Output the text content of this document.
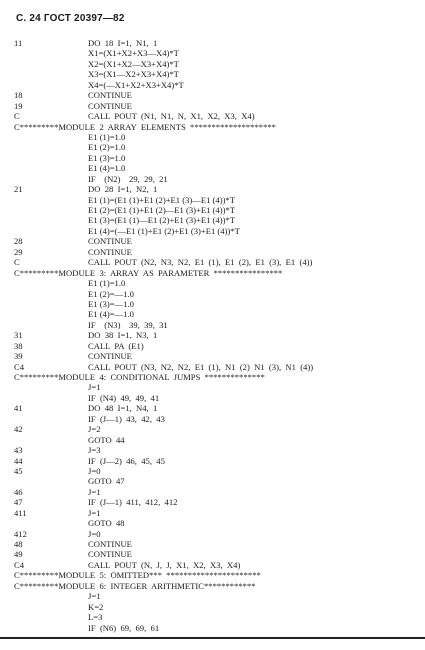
С. 24 ГОСТ 20397—82
11	DO  18  I=1,  N1,  1
X1=(X1+X2+X3—X4)*T
X2=(X1+X2—X3+X4)*T
X3=(X1—X2+X3+X4)*T
X4=(—X1+X2+X3+X4)*T
18	CONTINUE
19	CONTINUE
C	CALL  POUT  (N1,  N1,  N,  X1,  X2,  X3,  X4)
C*********MODULE  2  ARRAY  ELEMENTS  ********************
E1 (1)=1.0
E1 (2)=1.0
E1 (3)=1.0
E1 (4)=1.0
IF    (N2)    29,  29,  21
21	DO  28  I=1,  N2,  1
E1 (1)=(E1 (1)+E1 (2)+E1 (3)—E1 (4))*T
E1 (2)=(E1 (1)+E1 (2)—E1 (3)+E1 (4))*T
E1 (3)=(E1 (1)—E1 (2)+E1 (3)+E1 (4))*T
E1 (4)=(—E1 (1)+E1 (2)+E1 (3)+E1 (4))*T
28	CONTINUE
29	CONTINUE
C	CALL  POUT  (N2,  N3,  N2,  E1  (1),  E1  (2),  E1  (3),  E1  (4))
C*********MODULE  3:  ARRAY  AS  PARAMETER  ****************
E1 (1)=1.0
E1 (2)=—1.0
E1 (3)=—1.0
E1 (4)=—1.0
IF    (N3)    39,  39,  31
31	DO  38  I=1,  N3,  1
38	CALL  PA  (E1)
39	CONTINUE
C4	CALL  POUT  (N3,  N2,  N2,  E1  (1),  N1  (2)  N1  (3),  N1  (4))
C*********MODULE  4:  CONDITIONAL  JUMPS  **************
J=1
IF  (N4)  49,  49,  41
41	DO  48  I=1,  N4,  1
IF  (J—1)  43,  42,  43
42	J=2
GOTO  44
43	J=3
44	IF  (J—2)  46,  45,  45
45	J=0
GOTO  47
46	J=1
47	IF  (J—1)  411,  412,  412
411	J=1
GOTO  48
412	J=0
48	CONTINUE
49	CONTINUE
C4	CALL  POUT  (N,  J,  J,  X1,  X2,  X3,  X4)
C*********MODULE  5:  OMITTED***  **********************
C*********MODULE  6:  INTEGER  ARITHMETIC************
J=1
K=2
L=3
IF  (N6)  69,  69,  61
